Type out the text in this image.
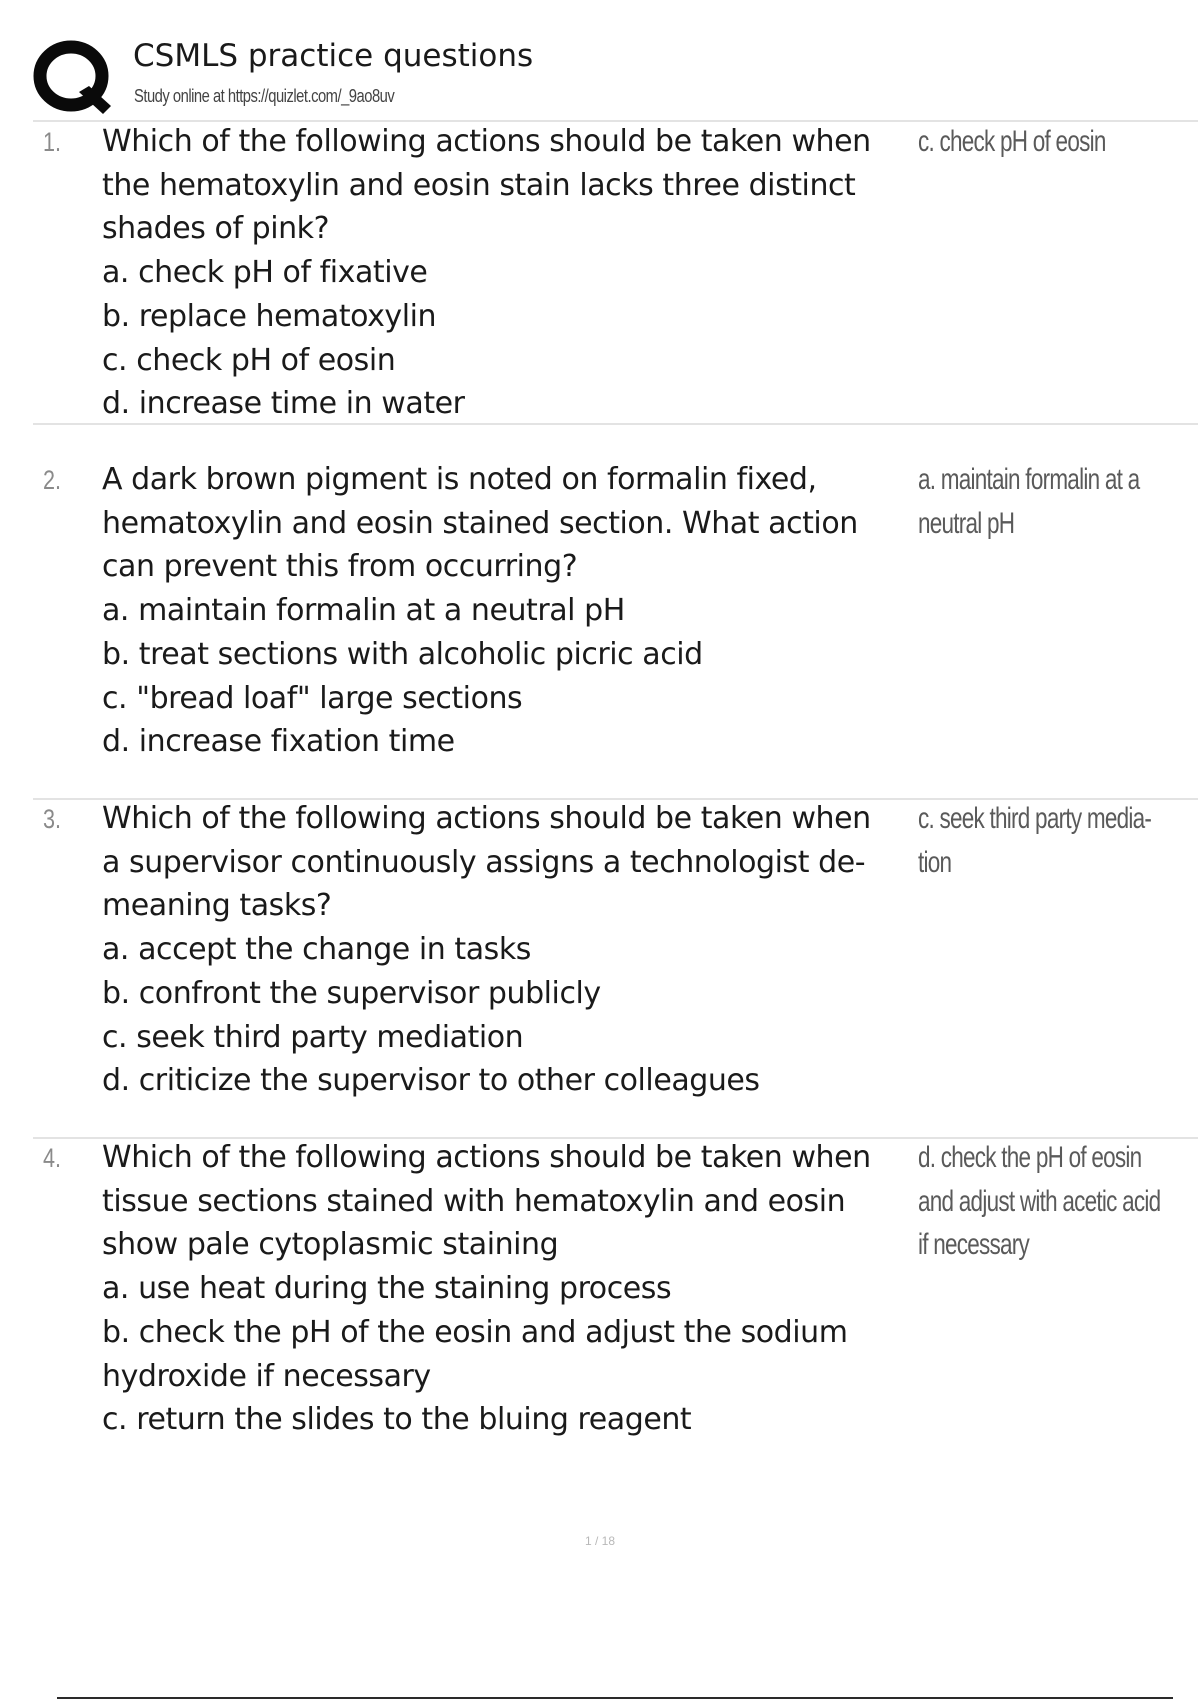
CSMLS practice questions
Study online at https://quizlet.com/_9ao8uv
1. Which of the following actions should be taken when
the hematoxylin and eosin stain lacks three distinct
shades of pink?
a. check pH of fixative
b. replace hematoxylin
c. check pH of eosin
d. increase time in water
c. check pH of eosin
2. A dark brown pigment is noted on formalin fixed,
hematoxylin and eosin stained section. What action
can prevent this from occurring?
a. maintain formalin at a neutral pH
b. treat sections with alcoholic picric acid
c. "bread loaf" large sections
d. increase fixation time
a. maintain formalin at a
neutral pH
3. Which of the following actions should be taken when
a supervisor continuously assigns a technologist de-
meaning tasks?
a. accept the change in tasks
b. confront the supervisor publicly
c. seek third party mediation
d. criticize the supervisor to other colleagues
c. seek third party media-
tion
4. Which of the following actions should be taken when
tissue sections stained with hematoxylin and eosin
show pale cytoplasmic staining
a. use heat during the staining process
b. check the pH of the eosin and adjust the sodium
hydroxide if necessary
c. return the slides to the bluing reagent
d. check the pH of eosin
and adjust with acetic acid
if necessary
1 / 18
